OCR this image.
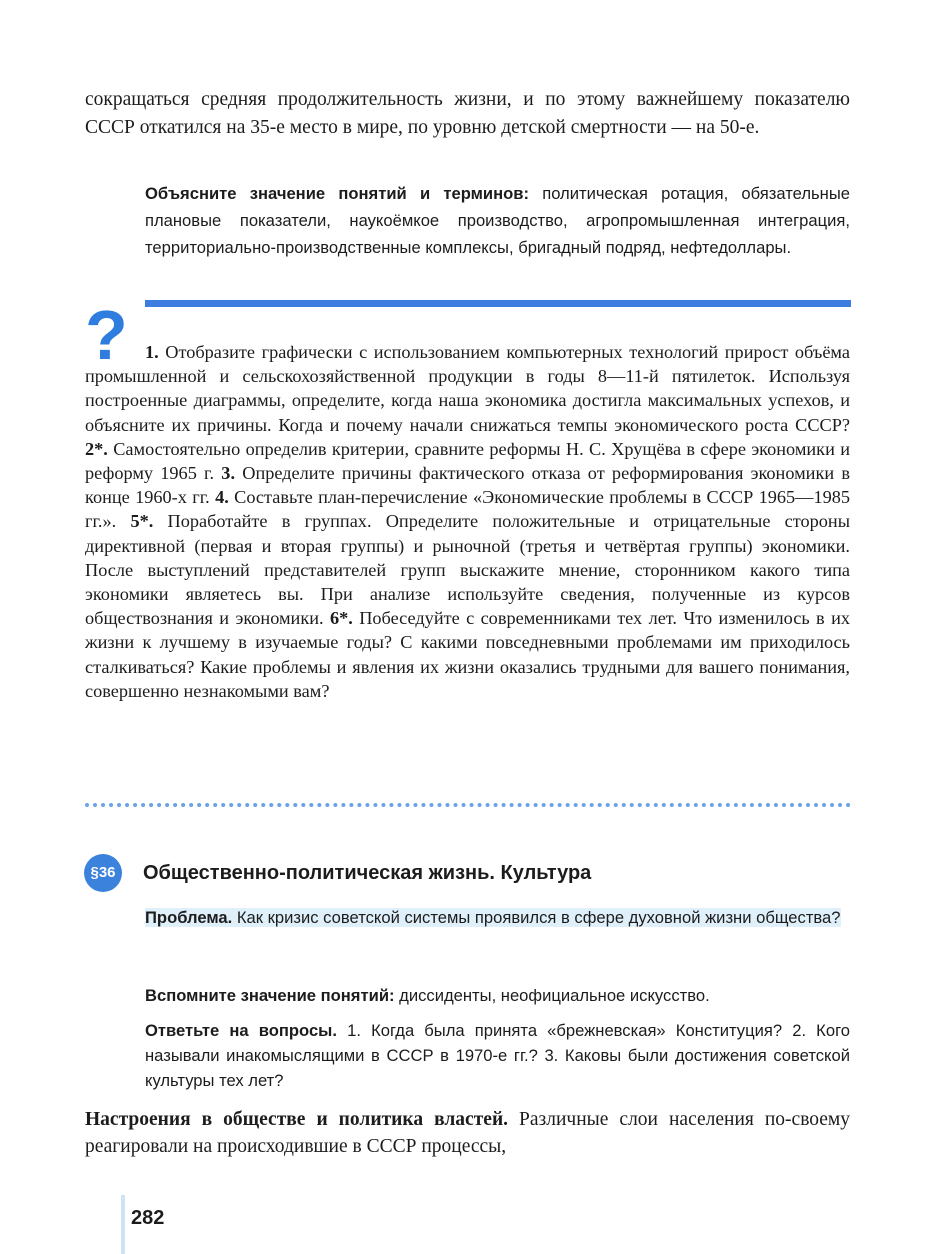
сокращаться средняя продолжительность жизни, и по этому важнейшему показателю СССР откатился на 35-е место в мире, по уровню детской смертности — на 50-е.

Объясните значение понятий и терминов: политическая ротация, обязательные плановые показатели, наукоёмкое производство, агропромышленная интеграция, территориально-производственные комплексы, бригадный подряд, нефтедоллары.

? 1. Отобразите графически с использованием компьютерных технологий прирост объёма промышленной и сельскохозяйственной продукции в годы 8—11-й пятилеток. Используя построенные диаграммы, определите, когда наша экономика достигла максимальных успехов, и объясните их причины. Когда и почему начали снижаться темпы экономического роста СССР? 2*. Самостоятельно определив критерии, сравните реформы Н. С. Хрущёва в сфере экономики и реформу 1965 г. 3. Определите причины фактического отказа от реформирования экономики в конце 1960-х гг. 4. Составьте план-перечисление «Экономические проблемы в СССР 1965—1985 гг.». 5*. Поработайте в группах. Определите положительные и отрицательные стороны директивной (первая и вторая группы) и рыночной (третья и четвёртая группы) экономики. После выступлений представителей групп выскажите мнение, сторонником какого типа экономики являетесь вы. При анализе используйте сведения, полученные из курсов обществознания и экономики. 6*. Побеседуйте с современниками тех лет. Что изменилось в их жизни к лучшему в изучаемые годы? С какими повседневными проблемами им приходилось сталкиваться? Какие проблемы и явления их жизни оказались трудными для вашего понимания, совершенно незнакомыми вам?

§36	Общественно-политическая жизнь. Культура

Проблема. Как кризис советской системы проявился в сфере духовной жизни общества?

Вспомните значение понятий: диссиденты, неофициальное искусство.

Ответьте на вопросы. 1. Когда была принята «брежневская» Конституция? 2. Кого называли инакомыслящими в СССР в 1970-е гг.? 3. Каковы были достижения советской культуры тех лет?

Настроения в обществе и политика властей. Различные слои населения по-своему реагировали на происходившие в СССР процессы,

282
